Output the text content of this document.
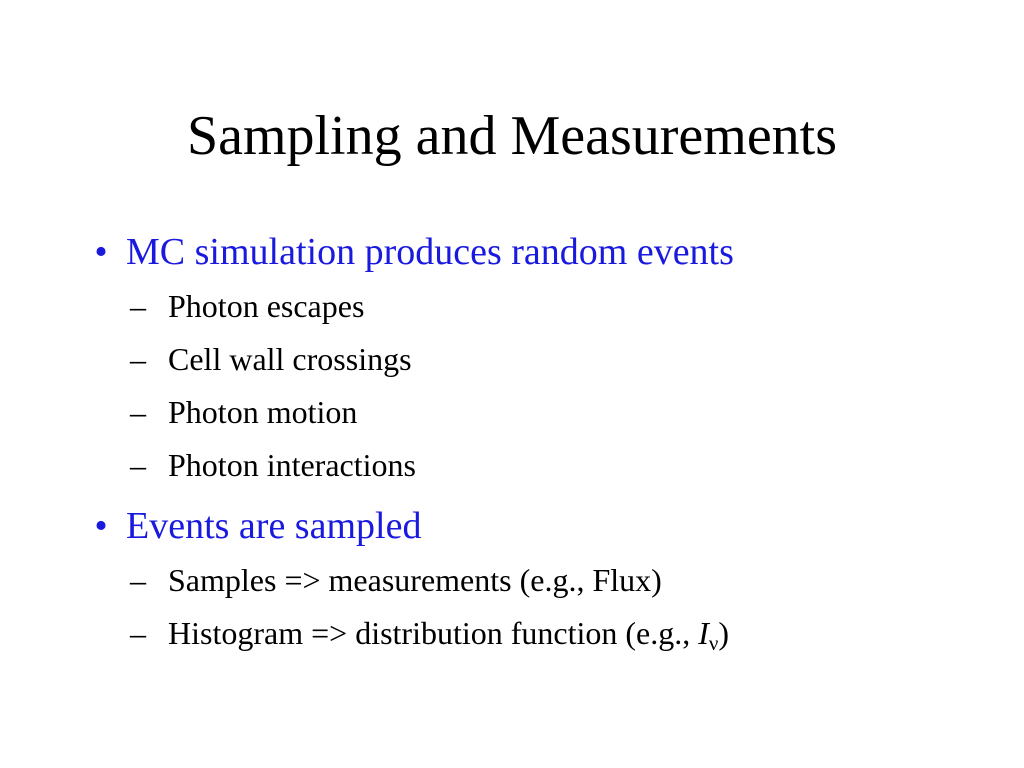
Sampling and Measurements
• MC simulation produces random events
– Photon escapes
– Cell wall crossings
– Photon motion
– Photon interactions
• Events are sampled
– Samples => measurements (e.g., Flux)
– Histogram => distribution function (e.g., $I_\nu$)
